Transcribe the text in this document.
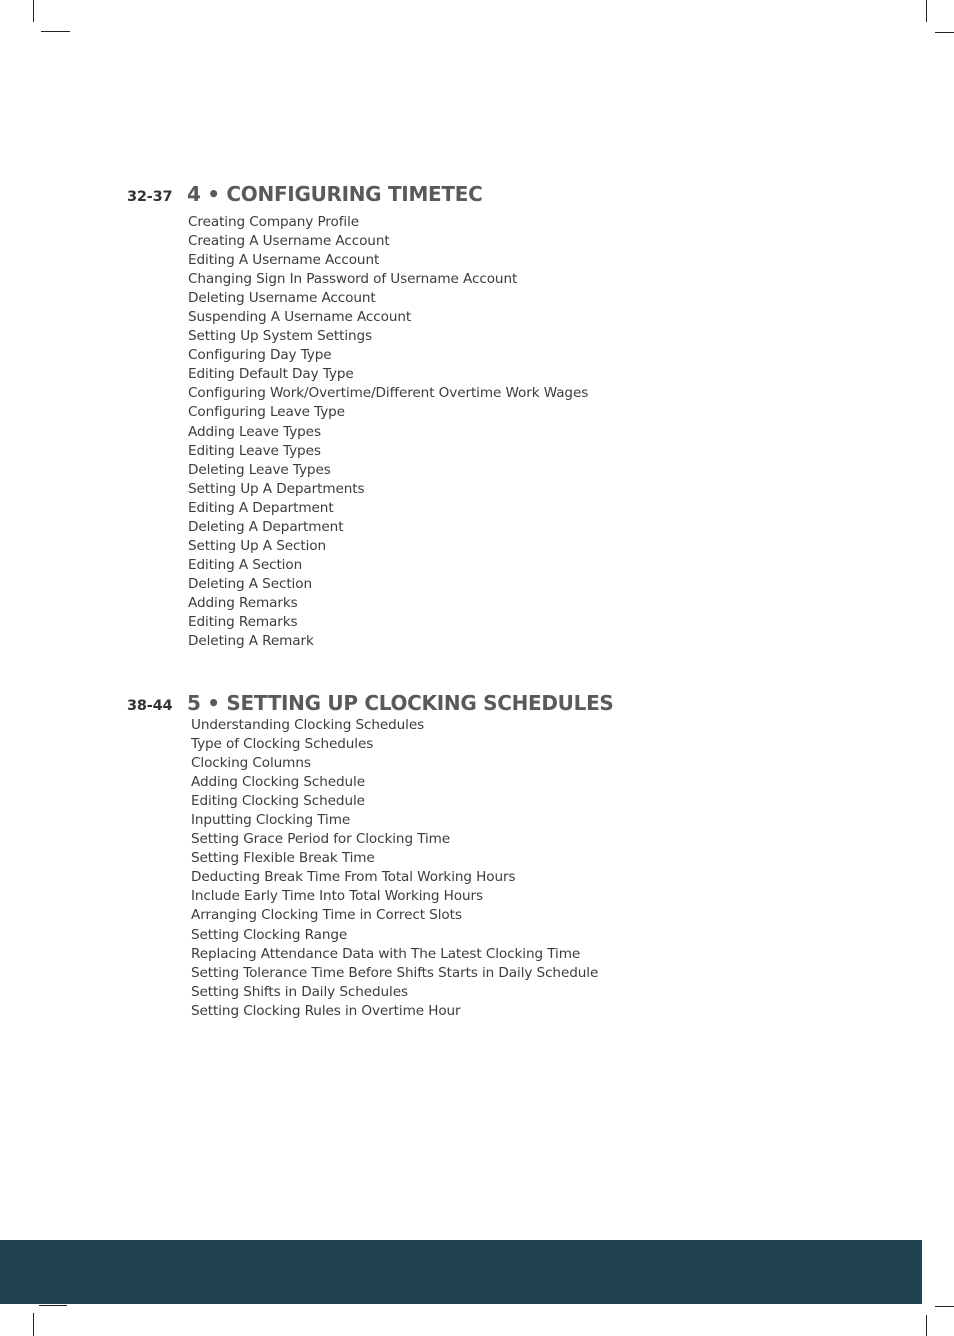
32-37 4 • CONFIGURING TIMETEC
Creating Company Profile
Creating A Username Account
Editing A Username Account
Changing Sign In Password of Username Account
Deleting Username Account
Suspending A Username Account
Setting Up System Settings
Configuring Day Type
Editing Default Day Type
Configuring Work/Overtime/Different Overtime Work Wages
Configuring Leave Type
Adding Leave Types
Editing Leave Types
Deleting Leave Types
Setting Up A Departments
Editing A Department
Deleting A Department
Setting Up A Section
Editing A Section
Deleting A Section
Adding Remarks
Editing Remarks
Deleting A Remark
38-44 5 • SETTING UP CLOCKING SCHEDULES
Understanding Clocking Schedules
Type of Clocking Schedules
Clocking Columns
Adding Clocking Schedule
Editing Clocking Schedule
Inputting Clocking Time
Setting Grace Period for Clocking Time
Setting Flexible Break Time
Deducting Break Time From Total Working Hours
Include Early Time Into Total Working Hours
Arranging Clocking Time in Correct Slots
Setting Clocking Range
Replacing Attendance Data with The Latest Clocking Time
Setting Tolerance Time Before Shifts Starts in Daily Schedule
Setting Shifts in Daily Schedules
Setting Clocking Rules in Overtime Hour
